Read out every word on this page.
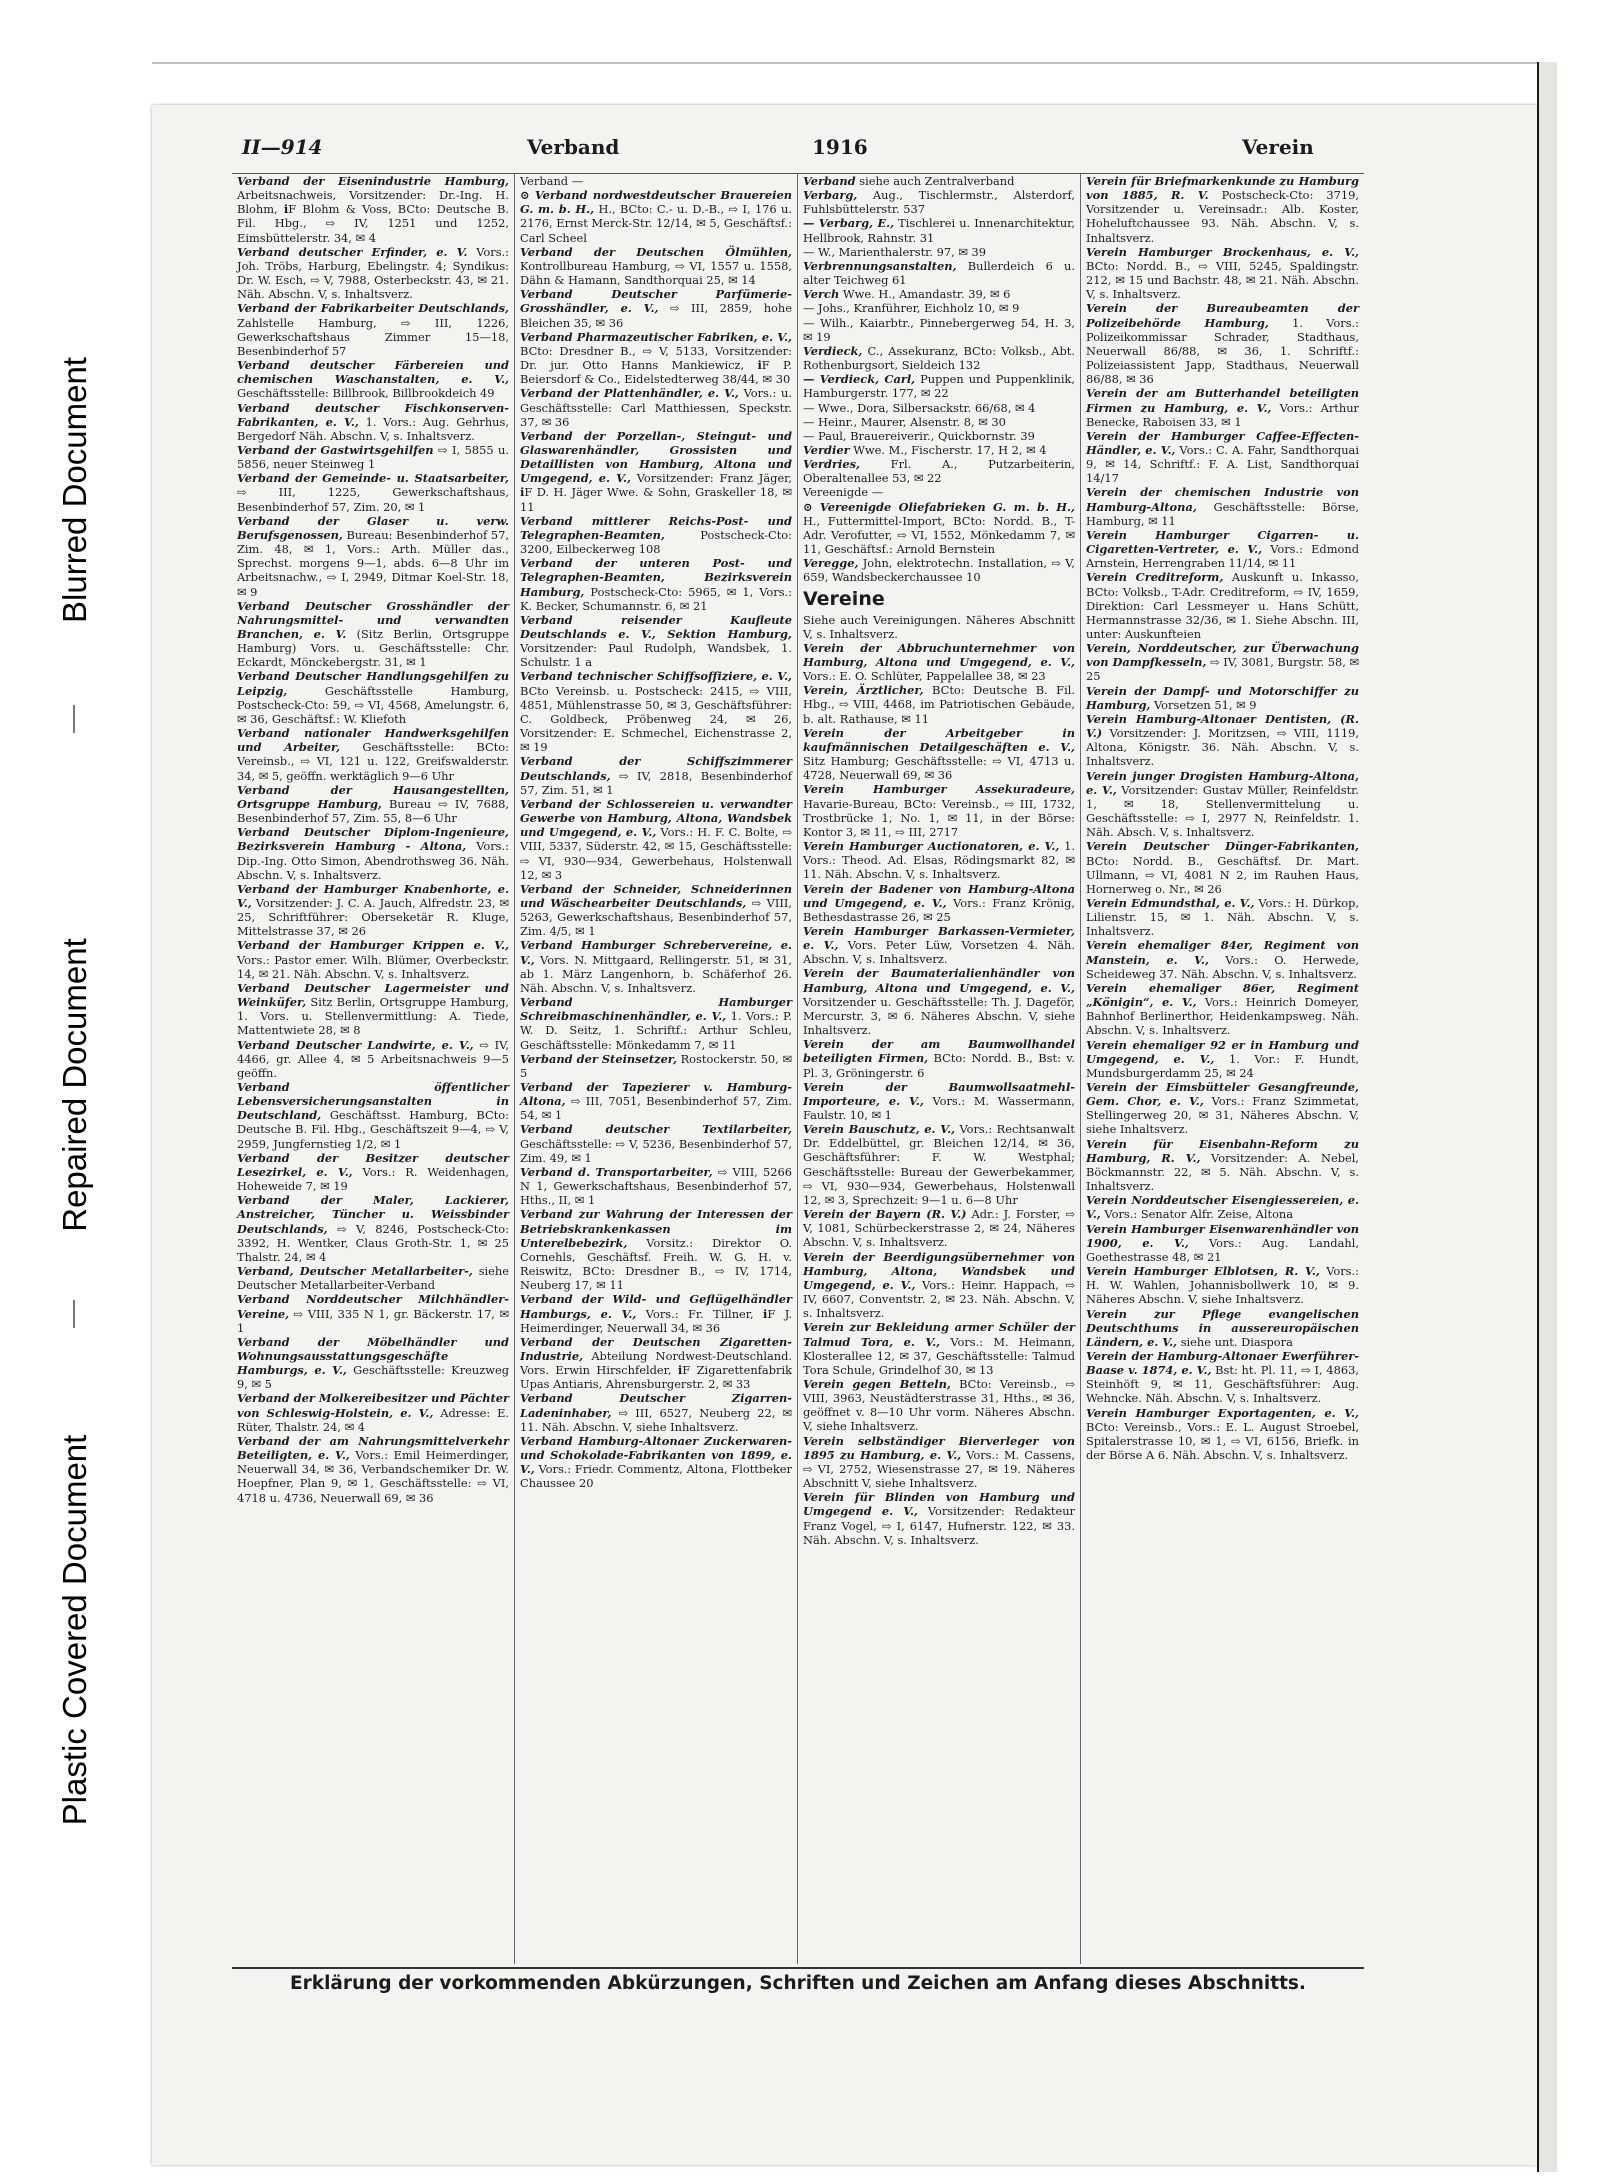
Blurred Document
Repaired Document
Plastic Covered Document
II—914	Verband	1916	Verein

Verband der Eisenindustrie Hamburg, Arbeitsnachweis, Vorsitzender: Dr.-Ing. H. Blohm, ℹF Blohm & Voss, BCto: Deutsche B. Fil. Hbg., ⇨ IV, 1251 und 1252, Eimsbüttelerstr. 34, ✉ 4

Verband deutscher Erfinder, e. V. Vors.: Joh. Tröbs, Harburg, Ebelingstr. 4; Syndikus: Dr. W. Esch, ⇨ V, 7988, Osterbeckstr. 43, ✉ 21. Näh. Abschn. V, s. Inhaltsverz.

Verband der Fabrikarbeiter Deutschlands, Zahlstelle Hamburg, ⇨ III, 1226, Gewerkschaftshaus Zimmer 15—18, Besenbinderhof 57

Verband deutscher Färbereien und chemischen Waschanstalten, e. V., Geschäftsstelle: Billbrook, Billbrookdeich 49

Verband deutscher Fischkonserven-Fabrikanten, e. V., 1. Vors.: Aug. Gehrhus, Bergedorf Näh. Abschn. V, s. Inhaltsverz.

Verband der Gastwirtsgehilfen ⇨ I, 5855 u. 5856, neuer Steinweg 1

Verband der Gemeinde- u. Staatsarbeiter, ⇨ III, 1225, Gewerkschaftshaus, Besenbinderhof 57, Zim. 20, ✉ 1

Verband der Glaser u. verw. Berufsgenossen, Bureau: Besenbinderhof 57, Zim. 48, ✉ 1, Vors.: Arth. Müller das., Sprechst. morgens 9—1, abds. 6—8 Uhr im Arbeitsnachw., ⇨ I, 2949, Ditmar Koel-Str. 18, ✉ 9

Verband Deutscher Grosshändler der Nahrungsmittel- und verwandten Branchen, e. V. (Sitz Berlin, Ortsgruppe Hamburg) Vors. u. Geschäftsstelle: Chr. Eckardt, Mönckebergstr. 31, ✉ 1

Verband Deutscher Handlungsgehilfen zu Leipzig,	Geschäftsstelle Hamburg, Postscheck-Cto: 59, ⇨ VI, 4568, Amelungstr. 6, ✉ 36, Geschäftsf.: W. Kliefoth

Verband nationaler Handwerksgehilfen und Arbeiter, Geschäftsstelle: BCto: Vereinsb., ⇨ VI, 121 u. 122, Greifswalderstr. 34, ✉ 5, geöffn. werktäglich 9—6 Uhr

Verband der Hausangestellten, Ortsgruppe Hamburg, Bureau ⇨ IV, 7688, Besenbinderhof 57, Zim. 55, 8—6 Uhr

Verband Deutscher Diplom-Ingenieure, Bezirksverein Hamburg - Altona, Vors.: Dip.-Ing. Otto Simon, Abendrothsweg 36. Näh. Abschn. V, s. Inhaltsverz.

Verband der Hamburger Knabenhorte, e. V., Vorsitzender: J. C. A. Jauch, Alfredstr. 23, ✉ 25, Schriftführer: Oberseketär R. Kluge, Mittelstrasse 37, ✉ 26

Verband der Hamburger Krippen e. V., Vors.: Pastor emer. Wilh. Blümer, Overbeckstr. 14, ✉ 21. Näh. Abschn. V, s. Inhaltsverz.

Verband Deutscher Lagermeister und Weinküfer, Sitz Berlin, Ortsgruppe Hamburg, 1. Vors. u. Stellenvermittlung: A. Tiede, Mattentwiete 28, ✉ 8

Verband Deutscher Landwirte, e. V., ⇨ IV, 4466, gr. Allee 4, ✉ 5 Arbeitsnachweis 9—5 geöffn.

Verband öffentlicher Lebensversicherungsanstalten in Deutschland, Geschäftsst. Hamburg, BCto: Deutsche B. Fil. Hbg., Geschäftszeit 9—4, ⇨ V, 2959, Jungfernstieg 1/2, ✉ 1

Verband der Besitzer deutscher Lesezirkel, e. V., Vors.: R. Weidenhagen, Hoheweide 7, ✉ 19

Verband der Maler, Lackierer, Anstreicher, Tüncher u. Weissbinder Deutschlands, ⇨ V, 8246, Postscheck-Cto: 3392, H. Wentker, Claus Groth-Str. 1, ✉ 25 Thalstr. 24, ✉ 4

Verband, Deutscher Metallarbeiter-, siehe Deutscher Metallarbeiter-Verband

Verband Norddeutscher Milchhändler-Vereine, ⇨ VIII, 335 N 1, gr. Bäckerstr. 17, ✉ 1

Verband der Möbelhändler und Wohnungsausstattungsgeschäfte Hamburgs, e. V., Geschäftsstelle: Kreuzweg 9, ✉ 5

Verband der Molkereibesitzer und Pächter von Schleswig-Holstein, e. V., Adresse: E. Rüter, Thalstr. 24, ✉ 4

Verband der am Nahrungsmittelverkehr Beteiligten, e. V., Vors.: Emil Heimerdinger, Neuerwall 34, ✉ 36, Verbandschemiker Dr. W. Hoepfner, Plan 9, ✉ 1, Geschäftsstelle: ⇨ VI, 4718 u. 4736, Neuerwall 69, ✉ 36

Verband —

⊙ Verband nordwestdeutscher Brauereien G. m. b. H., H., BCto: C.- u. D.-B., ⇨ I, 176 u. 2176, Ernst Merck-Str. 12/14, ✉ 5, Geschäftsf.: Carl Scheel

Verband der Deutschen Ölmühlen, Kontrollbureau Hamburg, ⇨ VI, 1557 u. 1558, Dähn & Hamann, Sandthorquai 25, ✉ 14

Verband Deutscher Parfümerie-Grosshändler, e. V., ⇨ III, 2859, hohe Bleichen 35, ✉ 36

Verband Pharmazeutischer Fabriken, e. V., BCto: Dresdner B., ⇨ V, 5133, Vorsitzender: Dr. jur. Otto Hanns Mankiewicz, ℹF P. Beiersdorf & Co., Eidelstedterweg 38/44, ✉ 30

Verband der Plattenhändler, e. V., Vors.: u. Geschäftsstelle: Carl Matthiessen, Speckstr. 37, ✉ 36

Verband der Porzellan-, Steingut- und Glaswarenhändler, Grossisten und Detaillisten von Hamburg, Altona und Umgegend, e. V., Vorsitzender: Franz Jäger, ℹF D. H. Jäger Wwe. & Sohn, Graskeller 18, ✉ 11

Verband mittlerer Reichs-Post- und Telegraphen-Beamten,	Postscheck-Cto: 3200, Eilbeckerweg 108

Verband der unteren Post- und Telegraphen-Beamten, Bezirksverein Hamburg, Postscheck-Cto: 5965, ✉ 1, Vors.: K. Becker, Schumannstr. 6, ✉ 21

Verband reisender Kaufleute Deutschlands e. V., Sektion Hamburg, Vorsitzender: Paul Rudolph, Wandsbek, 1. Schulstr. 1 a

Verband technischer Schiffsoffiziere, e. V., BCto Vereinsb. u. Postscheck: 2415, ⇨ VIII, 4851, Mühlenstrasse 50, ✉ 3, Geschäftsführer: C. Goldbeck, Pröbenweg 24, ✉ 26, Vorsitzender: E. Schmechel, Eichenstrasse 2, ✉ 19

Verband der Schiffszimmerer Deutschlands, ⇨ IV, 2818, Besenbinderhof 57, Zim. 51, ✉ 1

Verband der Schlossereien u. verwandter Gewerbe von Hamburg, Altona, Wandsbek und Umgegend, e. V., Vors.: H. F. C. Bolte, ⇨ VIII, 5337, Süderstr. 42, ✉ 15, Geschäftsstelle: ⇨ VI, 930—934, Gewerbehaus, Holstenwall 12, ✉ 3

Verband der Schneider, Schneiderinnen und Wäschearbeiter Deutschlands, ⇨ VIII, 5263, Gewerkschaftshaus, Besenbinderhof 57, Zim. 4/5, ✉ 1

Verband Hamburger Schrebervereine, e. V., Vors. N. Mittgaard, Rellingerstr. 51, ✉ 31, ab 1. März Langenhorn, b. Schäferhof 26. Näh. Abschn. V, s. Inhaltsverz.

Verband Hamburger Schreibmaschinenhändler, e. V., 1. Vors.: P. W. D. Seitz, 1. Schriftf.: Arthur Schleu, Geschäftsstelle: Mönkedamm 7, ✉ 11

Verband der Steinsetzer, Rostockerstr. 50, ✉ 5

Verband der Tapezierer v. Hamburg-Altona, ⇨ III, 7051, Besenbinderhof 57, Zim. 54, ✉ 1

Verband deutscher Textilarbeiter, Geschäftsstelle: ⇨ V, 5236, Besenbinderhof 57, Zim. 49, ✉ 1

Verband d. Transportarbeiter, ⇨ VIII, 5266 N 1, Gewerkschaftshaus, Besenbinderhof 57, Hths., II, ✉ 1

Verband zur Wahrung der Interessen der Betriebskrankenkassen im Unterelbebezirk, Vorsitz.: Direktor O. Cornehls, Geschäftsf. Freih. W. G. H. v. Reiswitz, BCto: Dresdner B., ⇨ IV, 1714, Neuberg 17, ✉ 11

Verband der Wild- und Geflügelhändler Hamburgs, e. V., Vors.: Fr. Tillner, ℹF J. Heimerdinger, Neuerwall 34, ✉ 36

Verband der Deutschen Zigaretten-Industrie, Abteilung Nordwest-Deutschland. Vors. Erwin Hirschfelder, ℹF Zigarettenfabrik Upas Antiaris, Ahrensburgerstr. 2, ✉ 33

Verband Deutscher Zigarren-Ladeninhaber, ⇨ III, 6527, Neuberg 22, ✉ 11. Näh. Abschn. V, siehe Inhaltsverz.

Verband Hamburg-Altonaer Zuckerwaren- und Schokolade-Fabrikanten von 1899, e. V., Vors.: Friedr. Commentz, Altona, Flottbeker Chaussee 20

Verband siehe auch Zentralverband

Verbarg, Aug., Tischlermstr., Alsterdorf, Fuhlsbüttelerstr. 537

— Verbarg, E., Tischlerei u. Innenarchitektur, Hellbrook, Rahnstr. 31

— W., Marienthalerstr. 97, ✉ 39

Verbrennungsanstalten, Bullerdeich 6 u. alter Teichweg 61

Verch Wwe. H., Amandastr. 39, ✉ 6

— Johs., Kranführer, Eichholz 10, ✉ 9

— Wilh., Kaiarbtr., Pinnebergerweg 54, H. 3, ✉ 19

Verdieck, C., Assekuranz, BCto: Volksb., Abt. Rothenburgsort, Sieldeich 132

— Verdieck, Carl, Puppen und Puppenklinik, Hamburgerstr. 177, ✉ 22

— Wwe., Dora, Silbersackstr. 66/68, ✉ 4

— Heinr., Maurer, Alsenstr. 8, ✉ 30

— Paul, Brauereiverir., Quickbornstr. 39

Verdier Wwe. M., Fischerstr. 17, H 2, ✉ 4

Verdries,	Frl. A., Putzarbeiterin, Oberaltenallee 53, ✉ 22

Vereenigde —

⊙ Vereenigde Oliefabrieken G. m. b. H., H., Futtermittel-Import, BCto: Nordd. B., T-Adr. Verofutter, ⇨ VI, 1552, Mönkedamm 7, ✉ 11, Geschäftsf.: Arnold Bernstein

Veregge, John, elektrotechn. Installation, ⇨ V, 659, Wandsbeckerchaussee 10

Vereine

Siehe auch Vereinigungen. Näheres Abschnitt V, s. Inhaltsverz.

Verein der Abbruchunternehmer von Hamburg, Altona und Umgegend, e. V., Vors.: E. O. Schlüter, Pappelallee 38, ✉ 23

Verein, Ärztlicher, BCto: Deutsche B. Fil. Hbg., ⇨ VIII, 4468, im Patriotischen Gebäude, b. alt. Rathause, ✉ 11

Verein der Arbeitgeber in kaufmännischen Detailgeschäften e. V., Sitz Hamburg; Geschäftsstelle: ⇨ VI, 4713 u. 4728, Neuerwall 69, ✉ 36

Verein Hamburger Assekuradeure, Havarie-Bureau, BCto: Vereinsb., ⇨ III, 1732, Trostbrücke 1, No. 1, ✉ 11, in der Börse: Kontor 3, ✉ 11, ⇨ III, 2717

Verein Hamburger Auctionatoren, e. V., 1. Vors.: Theod. Ad. Elsas, Rödingsmarkt 82, ✉ 11. Näh. Abschn. V, s. Inhaltsverz.

Verein der Badener von Hamburg-Altona und Umgegend, e. V., Vors.: Franz Krönig, Bethesdastrasse 26, ✉ 25

Verein Hamburger Barkassen-Vermieter, e. V., Vors. Peter Lüw, Vorsetzen 4. Näh. Abschn. V, s. Inhaltsverz.

Verein der Baumaterialienhändler von Hamburg, Altona und Umgegend, e. V., Vorsitzender u. Geschäftsstelle: Th. J. Dageför, Mercurstr. 3, ✉ 6. Näheres Abschn. V, siehe Inhaltsverz.

Verein der am Baumwollhandel beteiligten Firmen, BCto: Nordd. B., Bst: v. Pl. 3, Gröningerstr. 6

Verein der Baumwollsaatmehl-Importeure, e. V., Vors.: M. Wassermann, Faulstr. 10, ✉ 1

Verein Bauschutz, e. V., Vors.: Rechtsanwalt Dr. Eddelbüttel, gr. Bleichen 12/14, ✉ 36, Geschäftsführer: F. W. Westphal; Geschäftsstelle: Bureau der Gewerbekammer, ⇨ VI, 930—934, Gewerbehaus, Holstenwall 12, ✉ 3, Sprechzeit: 9—1 u. 6—8 Uhr

Verein der Bayern (R. V.) Adr.: J. Forster, ⇨ V, 1081, Schürbeckerstrasse 2, ✉ 24, Näheres Abschn. V, s. Inhaltsverz.

Verein der Beerdigungsübernehmer von Hamburg, Altona, Wandsbek und Umgegend, e. V., Vors.: Heinr. Happach, ⇨ IV, 6607, Conventstr. 2, ✉ 23. Näh. Abschn. V, s. Inhaltsverz.

Verein zur Bekleidung armer Schüler der Talmud Tora, e. V., Vors.: M. Heimann, Klosterallee 12, ✉ 37, Geschäftsstelle: Talmud Tora Schule, Grindelhof 30, ✉ 13

Verein gegen Betteln, BCto: Vereinsb., ⇨ VIII, 3963, Neustädterstrasse 31, Hths., ✉ 36, geöffnet v. 8—10 Uhr vorm. Näheres Abschn. V, siehe Inhaltsverz.

Verein selbständiger Bierverleger von 1895 zu Hamburg, e. V., Vors.: M. Cassens, ⇨ VI, 2752, Wiesenstrasse 27, ✉ 19. Näheres Abschnitt V, siehe Inhaltsverz.

Verein für Blinden von Hamburg und Umgegend e. V., Vorsitzender: Redakteur Franz Vogel, ⇨ I, 6147, Hufnerstr. 122, ✉ 33. Näh. Abschn. V, s. Inhaltsverz.

Verein für Briefmarkenkunde zu Hamburg von 1885, R. V. Postscheck-Cto: 3719, Vorsitzender u. Vereinsadr.: Alb. Koster, Hoheluftchaussee 93. Näh. Abschn. V, s. Inhaltsverz.

Verein Hamburger Brockenhaus, e. V., BCto: Nordd. B., ⇨ VIII, 5245, Spaldingstr. 212, ✉ 15 und Bachstr. 48, ✉ 21. Näh. Abschn. V, s. Inhaltsverz.

Verein der Bureaubeamten der Polizeibehörde Hamburg, 1. Vors.: Polizeikommissar Schrader, Stadthaus, Neuerwall 86/88, ✉ 36, 1. Schriftf.: Polizeiassistent Japp, Stadthaus, Neuerwall 86/88, ✉ 36

Verein der am Butterhandel beteiligten Firmen zu Hamburg, e. V., Vors.: Arthur Benecke, Raboisen 33, ✉ 1

Verein der Hamburger Caffee-Effecten-Händler, e. V., Vors.: C. A. Fahr, Sandthorquai 9, ✉ 14, Schriftf.: F. A. List, Sandthorquai 14/17

Verein der chemischen Industrie von Hamburg-Altona, Geschäftsstelle: Börse, Hamburg, ✉ 11

Verein Hamburger Cigarren- u. Cigaretten-Vertreter, e. V., Vors.: Edmond Arnstein, Herrengraben 11/14, ✉ 11

Verein Creditreform, Auskunft u. Inkasso, BCto: Volksb., T-Adr. Creditreform, ⇨ IV, 1659, Direktion: Carl Lessmeyer u. Hans Schütt, Hermannstrasse 32/36, ✉ 1. Siehe Abschn. III, unter: Auskunfteien

Verein, Norddeutscher, zur Überwachung von Dampfkesseln, ⇨ IV, 3081, Burgstr. 58, ✉ 25

Verein der Dampf- und Motorschiffer zu Hamburg, Vorsetzen 51, ✉ 9

Verein Hamburg-Altonaer Dentisten, (R. V.) Vorsitzender: J. Moritzsen, ⇨ VIII, 1119, Altona, Königstr. 36. Näh. Abschn. V, s. Inhaltsverz.

Verein junger Drogisten Hamburg-Altona, e. V., Vorsitzender: Gustav Müller, Reinfeldstr. 1, ✉ 18, Stellenvermittelung u. Geschäftsstelle: ⇨ I, 2977 N, Reinfeldstr. 1. Näh. Absch. V, s. Inhaltsverz.

Verein Deutscher Dünger-Fabrikanten, BCto: Nordd. B., Geschäftsf. Dr. Mart. Ullmann, ⇨ VI, 4081 N 2, im Rauhen Haus, Hornerweg o. Nr., ✉ 26

Verein Edmundsthal, e. V., Vors.: H. Dürkop, Lilienstr. 15, ✉ 1. Näh. Abschn. V, s. Inhaltsverz.

Verein ehemaliger 84er, Regiment von Manstein, e. V., Vors.: O. Herwede, Scheideweg 37. Näh. Abschn. V, s. Inhaltsverz.

Verein ehemaliger 86er, Regiment „Königin“, e. V., Vors.: Heinrich Domeyer, Bahnhof Berlinerthor, Heidenkampsweg. Näh. Abschn. V, s. Inhaltsverz.

Verein ehemaliger 92 er in Hamburg und Umgegend, e. V., 1. Vor.: F. Hundt, Mundsburgerdamm 25, ✉ 24

Verein der Eimsbütteler Gesangfreunde, Gem. Chor, e. V., Vors.: Franz Szimmetat, Stellingerweg 20, ✉ 31, Näheres Abschn. V, siehe Inhaltsverz.

Verein für Eisenbahn-Reform zu Hamburg, R. V., Vorsitzender: A. Nebel, Böckmannstr. 22, ✉ 5. Näh. Abschn. V, s. Inhaltsverz.

Verein Norddeutscher Eisengiessereien, e. V., Vors.: Senator Alfr. Zeise, Altona

Verein Hamburger Eisenwarenhändler von 1900, e. V., Vors.: Aug. Landahl, Goethestrasse 48, ✉ 21

Verein Hamburger Elblotsen, R. V., Vors.: H. W. Wahlen, Johannisbollwerk 10, ✉ 9. Näheres Abschn. V, siehe Inhaltsverz.

Verein zur Pflege evangelischen Deutschthums in aussereuropäischen Ländern, e. V., siehe unt. Diaspora

Verein der Hamburg-Altonaer Ewerführer-Baase v. 1874, e. V., Bst: ht. Pl. 11, ⇨ I, 4863, Steinhöft 9, ✉ 11, Geschäftsführer: Aug. Wehncke. Näh. Abschn. V, s. Inhaltsverz.

Verein Hamburger Exportagenten, e. V., BCto: Vereinsb., Vors.: E. L. August Stroebel, Spitalerstrasse 10, ✉ 1, ⇨ VI, 6156, Briefk. in der Börse A 6. Näh. Abschn. V, s. Inhaltsverz.

Erklärung der vorkommenden Abkürzungen, Schriften und Zeichen am Anfang dieses Abschnitts.
